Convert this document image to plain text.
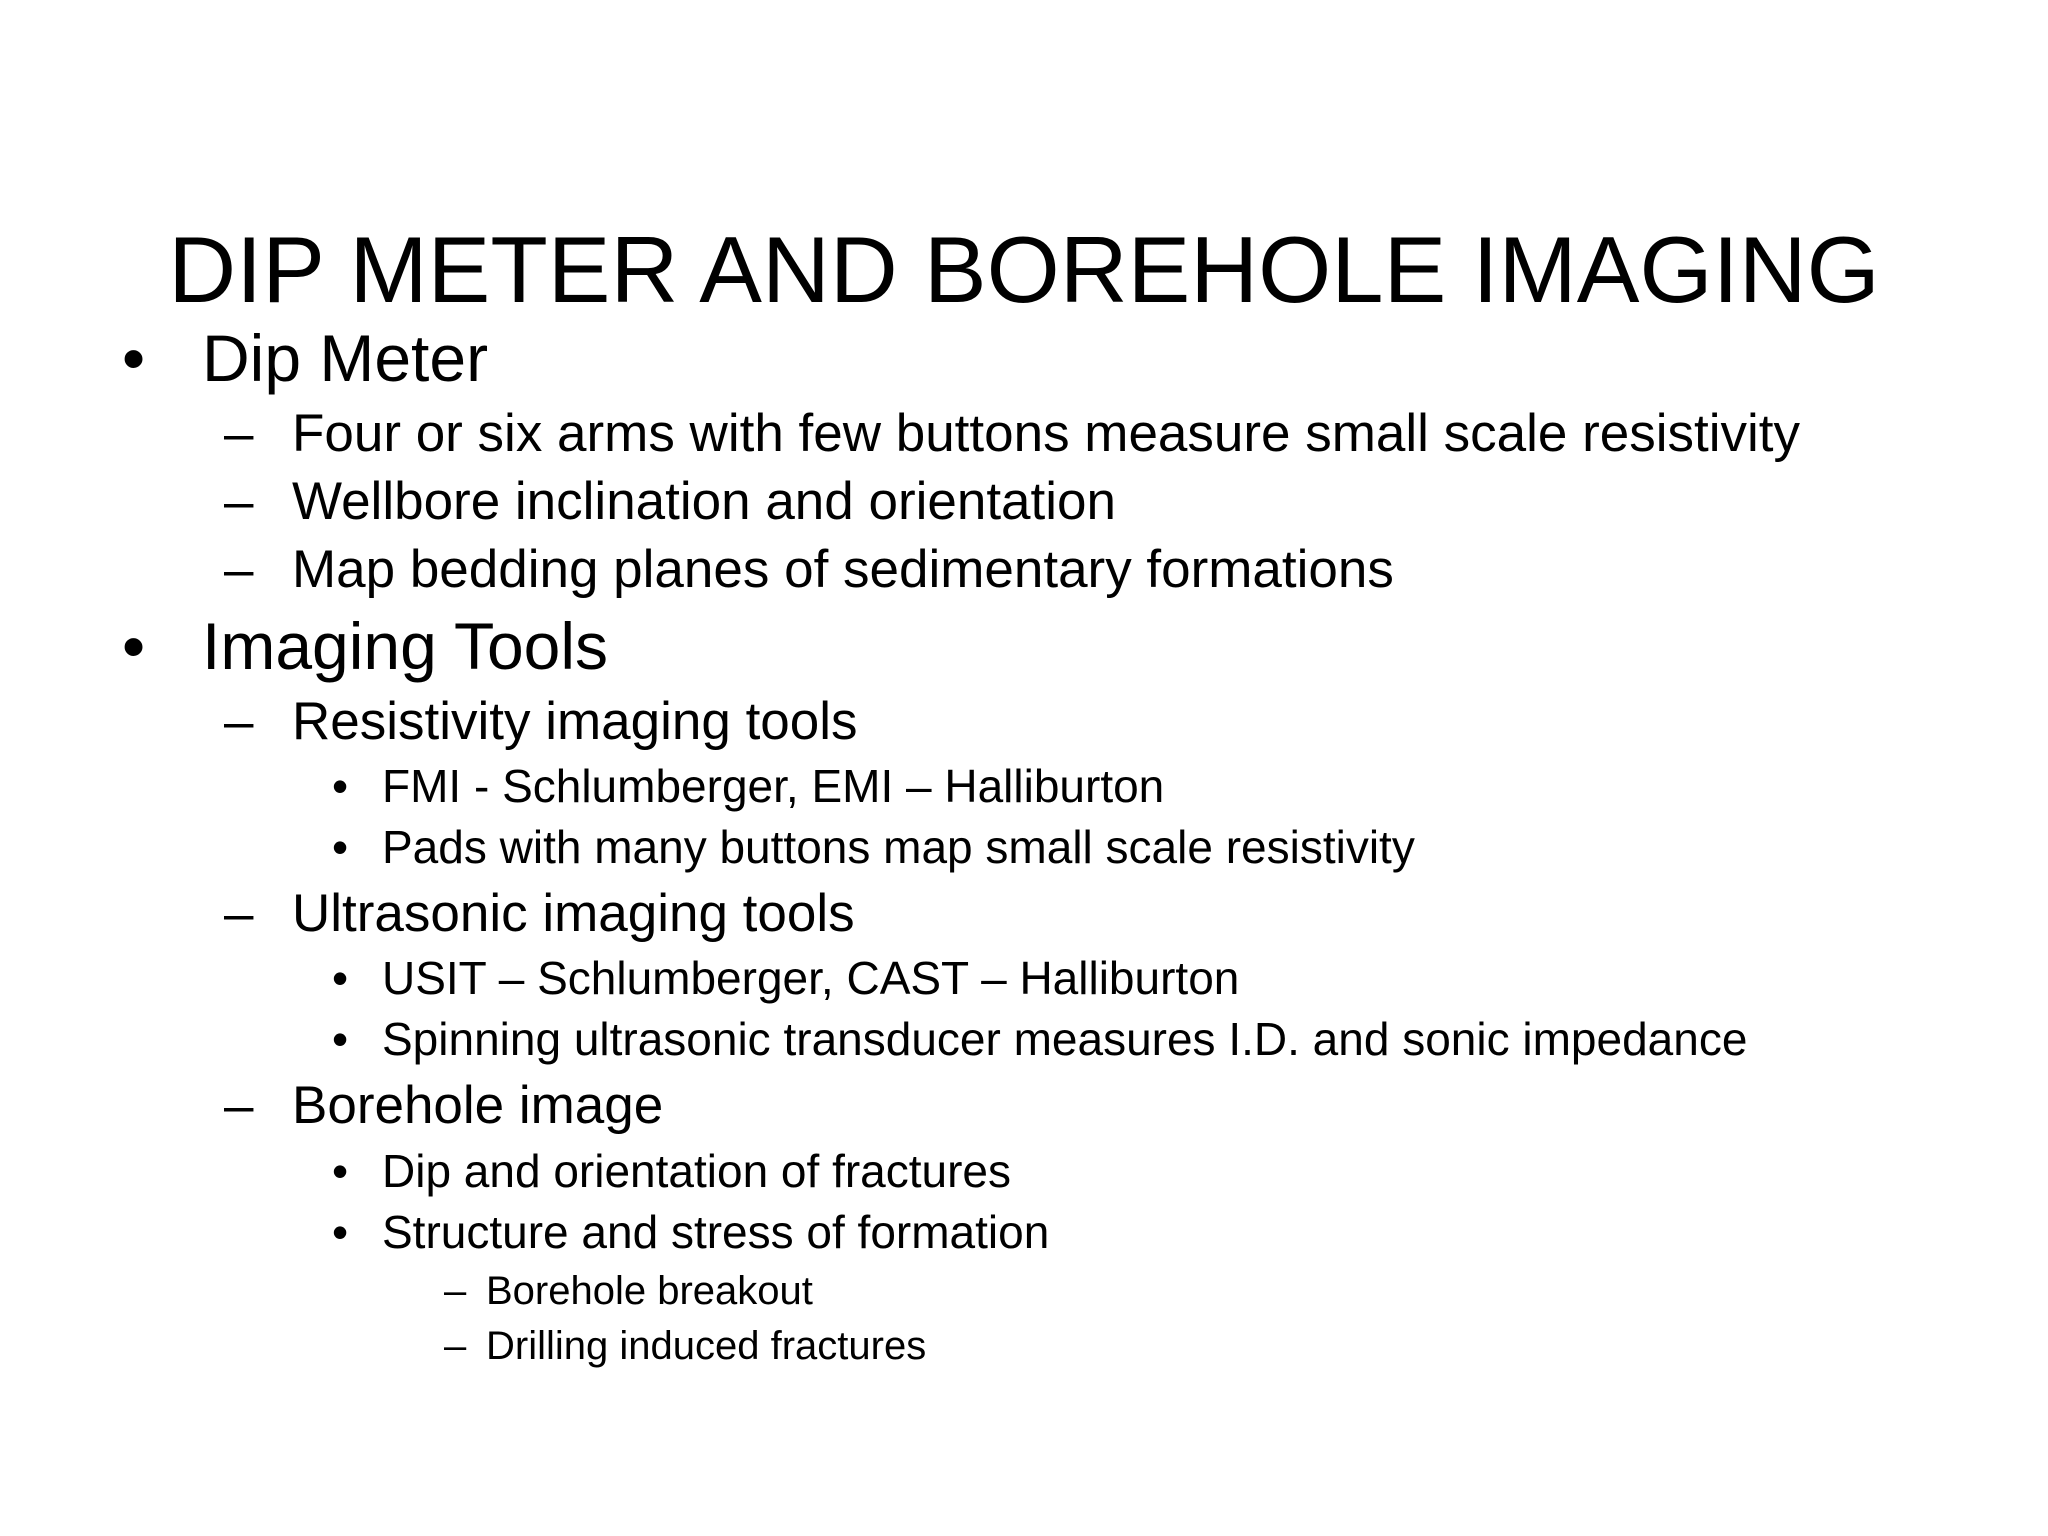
DIP METER AND BOREHOLE IMAGING
• Dip Meter
– Four or six arms with few buttons measure small scale resistivity
– Wellbore inclination and orientation
– Map bedding planes of sedimentary formations
• Imaging Tools
– Resistivity imaging tools
• FMI - Schlumberger, EMI – Halliburton
• Pads with many buttons map small scale resistivity
– Ultrasonic imaging tools
• USIT – Schlumberger, CAST – Halliburton
• Spinning ultrasonic transducer measures I.D. and sonic impedance
– Borehole image
• Dip and orientation of fractures
• Structure and stress of formation
– Borehole breakout
– Drilling induced fractures
